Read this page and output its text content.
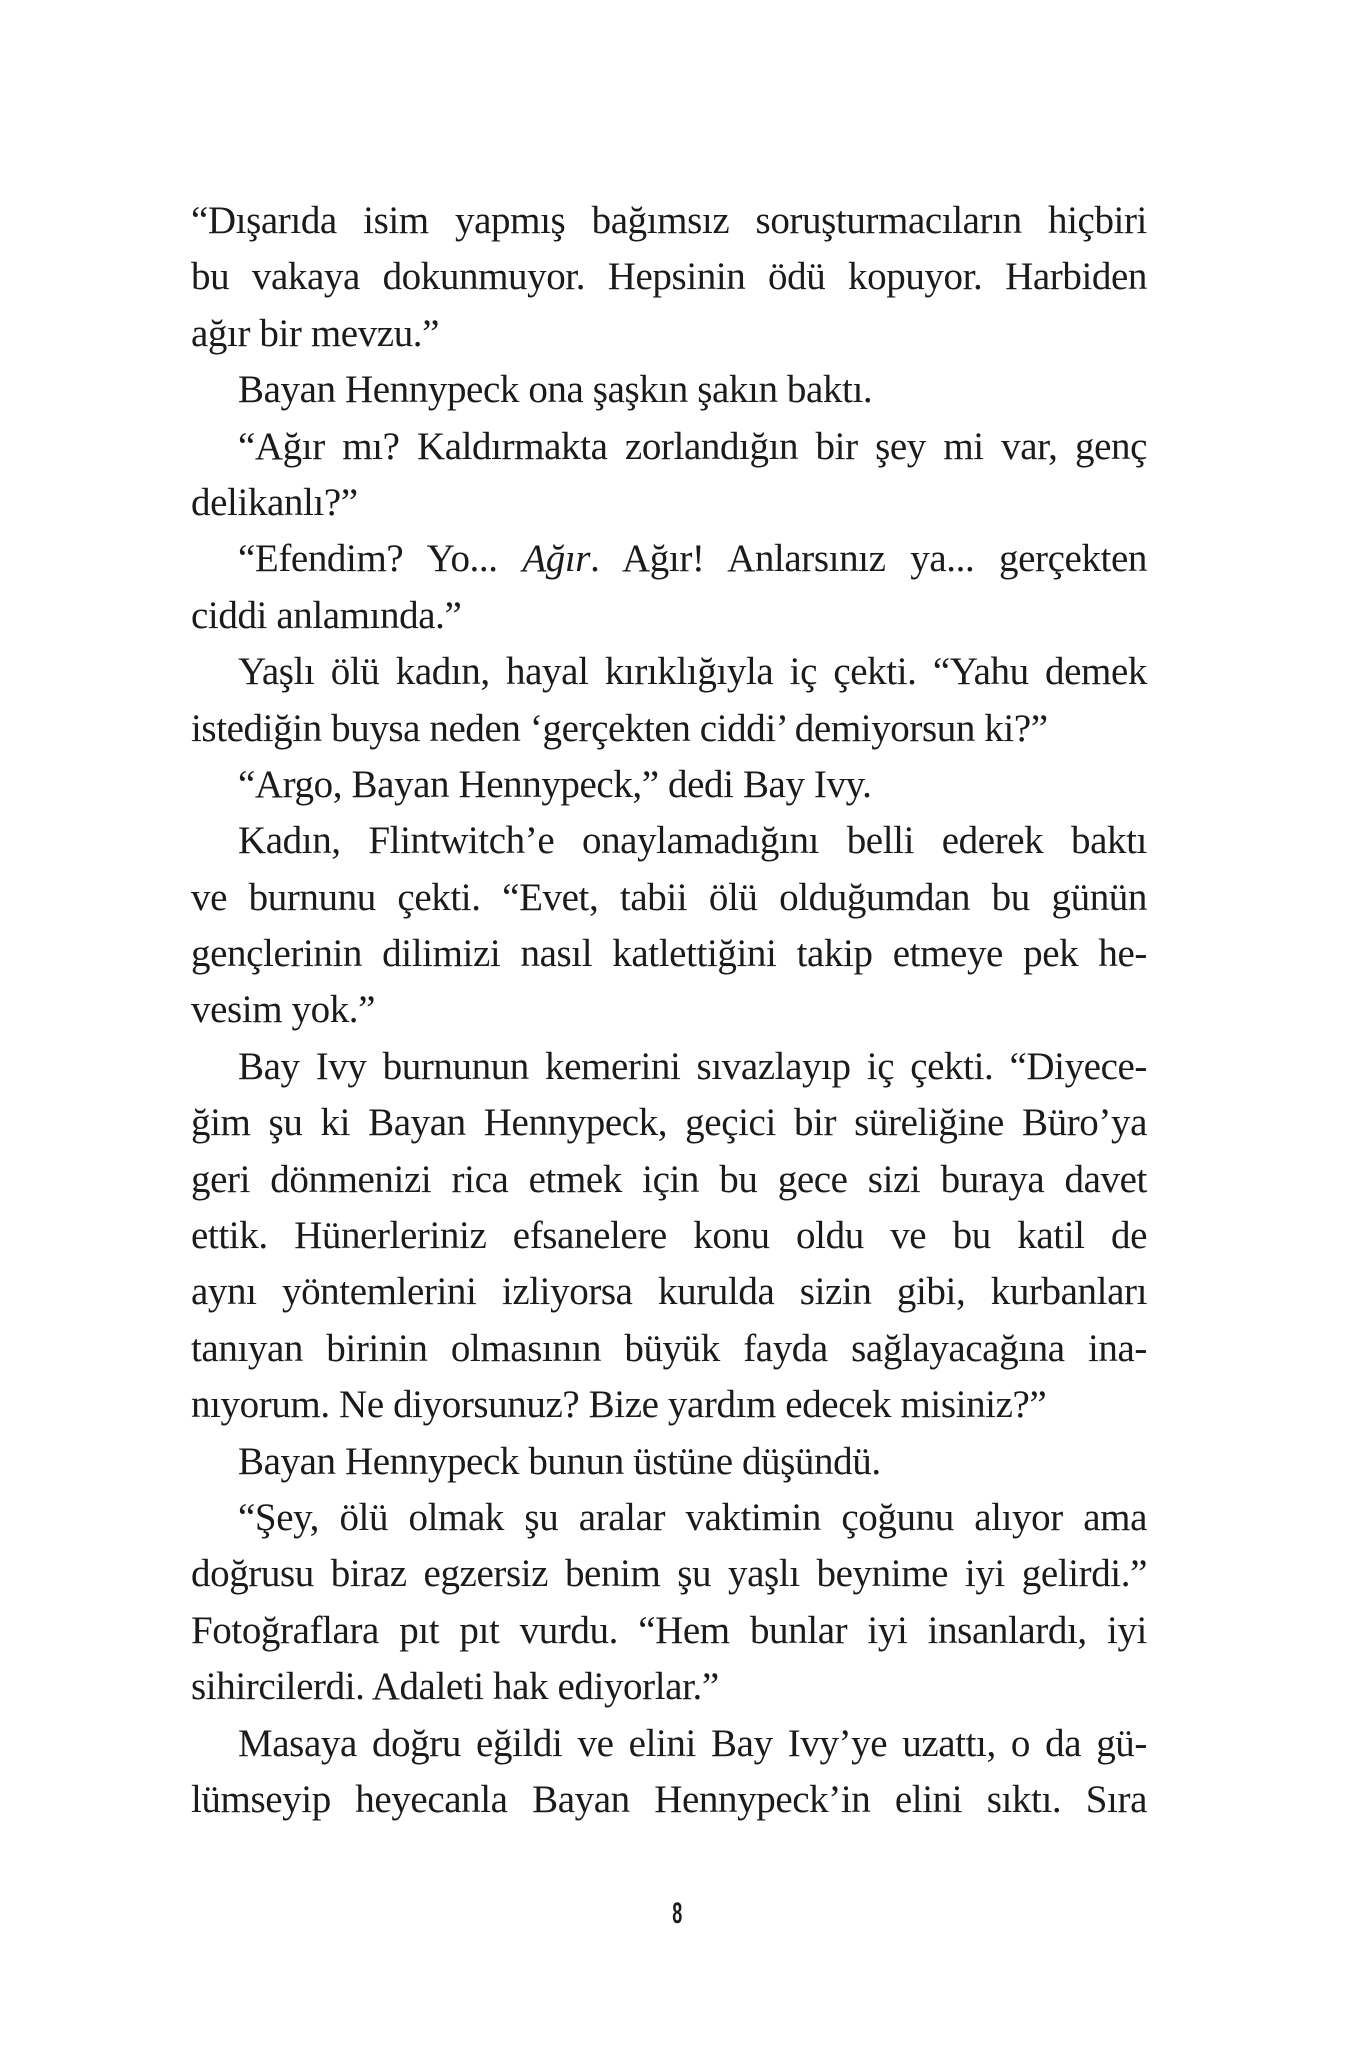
“Dışarıda isim yapmış bağımsız soruşturmacıların hiçbiri
bu vakaya dokunmuyor. Hepsinin ödü kopuyor. Harbiden
ağır bir mevzu.”
Bayan Hennypeck ona şaşkın şakın baktı.
“Ağır mı? Kaldırmakta zorlandığın bir şey mi var, genç
delikanlı?”
“Efendim? Yo... Ağır. Ağır! Anlarsınız ya... gerçekten
ciddi anlamında.”
Yaşlı ölü kadın, hayal kırıklığıyla iç çekti. “Yahu demek
istediğin buysa neden ‘gerçekten ciddi’ demiyorsun ki?”
“Argo, Bayan Hennypeck,” dedi Bay Ivy.
Kadın, Flintwitch’e onaylamadığını belli ederek baktı
ve burnunu çekti. “Evet, tabii ölü olduğumdan bu günün
gençlerinin dilimizi nasıl katlettiğini takip etmeye pek he-
vesim yok.”
Bay Ivy burnunun kemerini sıvazlayıp iç çekti. “Diyece-
ğim şu ki Bayan Hennypeck, geçici bir süreliğine Büro’ya
geri dönmenizi rica etmek için bu gece sizi buraya davet
ettik. Hünerleriniz efsanelere konu oldu ve bu katil de
aynı yöntemlerini izliyorsa kurulda sizin gibi, kurbanları
tanıyan birinin olmasının büyük fayda sağlayacağına ina-
nıyorum. Ne diyorsunuz? Bize yardım edecek misiniz?”
Bayan Hennypeck bunun üstüne düşündü.
“Şey, ölü olmak şu aralar vaktimin çoğunu alıyor ama
doğrusu biraz egzersiz benim şu yaşlı beynime iyi gelirdi.”
Fotoğraflara pıt pıt vurdu. “Hem bunlar iyi insanlardı, iyi
sihircilerdi. Adaleti hak ediyorlar.”
Masaya doğru eğildi ve elini Bay Ivy’ye uzattı, o da gü-
lümseyip heyecanla Bayan Hennypeck’in elini sıktı. Sıra
8
